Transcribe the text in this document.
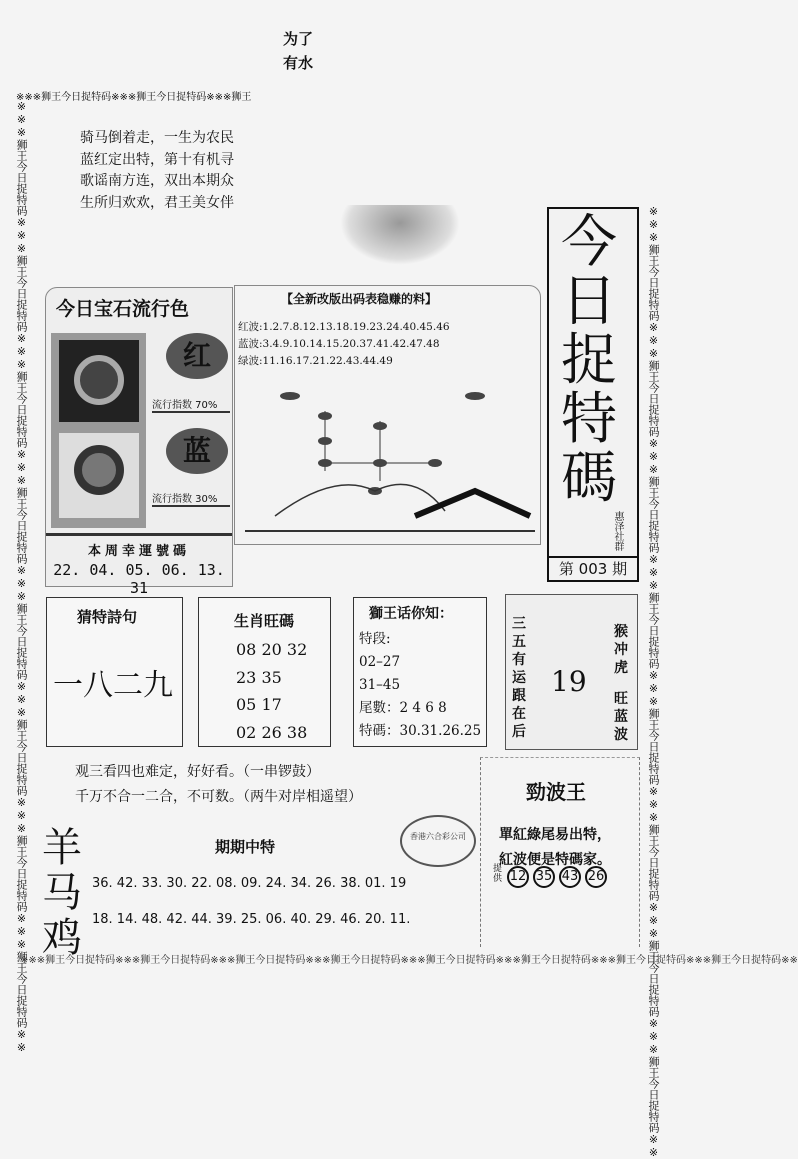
为了
有水
※※※狮王今日捉特码※※※狮王今日捉特码※※※狮王
※※※狮王今日捉特码※※※狮王今日捉特码※※※狮王今日捉特码※※※狮王今日捉特码※※※狮王今日捉特码※※※狮王今日捉特码※※※狮王今日捉特码※※※狮王今日捉特码※※	※※※狮王今日捉特码※※※狮王今日捉特码※※※狮王今日捉特码※※※狮王今日捉特码※※※狮王今日捉特码※※※狮王今日捉特码※※※狮王今日捉特码※※※狮王今日捉特码※※
※※※狮王今日捉特码※※※狮王今日捉特码※※※狮王今日捉特码※※※狮王今日捉特码※※※狮王今日捉特码※※※狮王今日捉特码※※※狮王今日捉特码※※※狮王今日捉特码※※
骑马倒着走，一生为农民
蓝红定出特，第十有机寻
歌谣南方连，双出本期众
生所归欢欢，君王美女伴
今
日
捉
特
碼
惠泽社群
第 003 期
今日宝石流行色
红
流行指数 70%
蓝
流行指数 30%
本周幸運號碼
22. 04. 05. 06. 13. 31
【全新改版出码表稳赚的料】
红波:1.2.7.8.12.13.18.19.23.24.40.45.46
蓝波:3.4.9.10.14.15.20.37.41.42.47.48
绿波:11.16.17.21.22.43.44.49
猜特詩句
一八二九
生肖旺碼
08 20 32
23 35
05 17
02 26 38
獅王话你知：
特段:
02–27
31–45
尾數：2 4 6 8
特碼：30.31.26.25
三五有运跟在后
19
猴冲虎
旺蓝波
观三看四也难定，好好看。（一串锣鼓）
千万不合一二合，不可数。（两牛对岸相遥望）	勁波王
單紅綠尾易出特，
紅波便是特碼家。
提供 12 35 43 26
香港六合彩公司
羊
马
鸡
期期中特
36. 42. 33. 30. 22. 08. 09. 24. 34. 26. 38. 01. 19
18. 14. 48. 42. 44. 39. 25. 06. 40. 29. 46. 20. 11.
